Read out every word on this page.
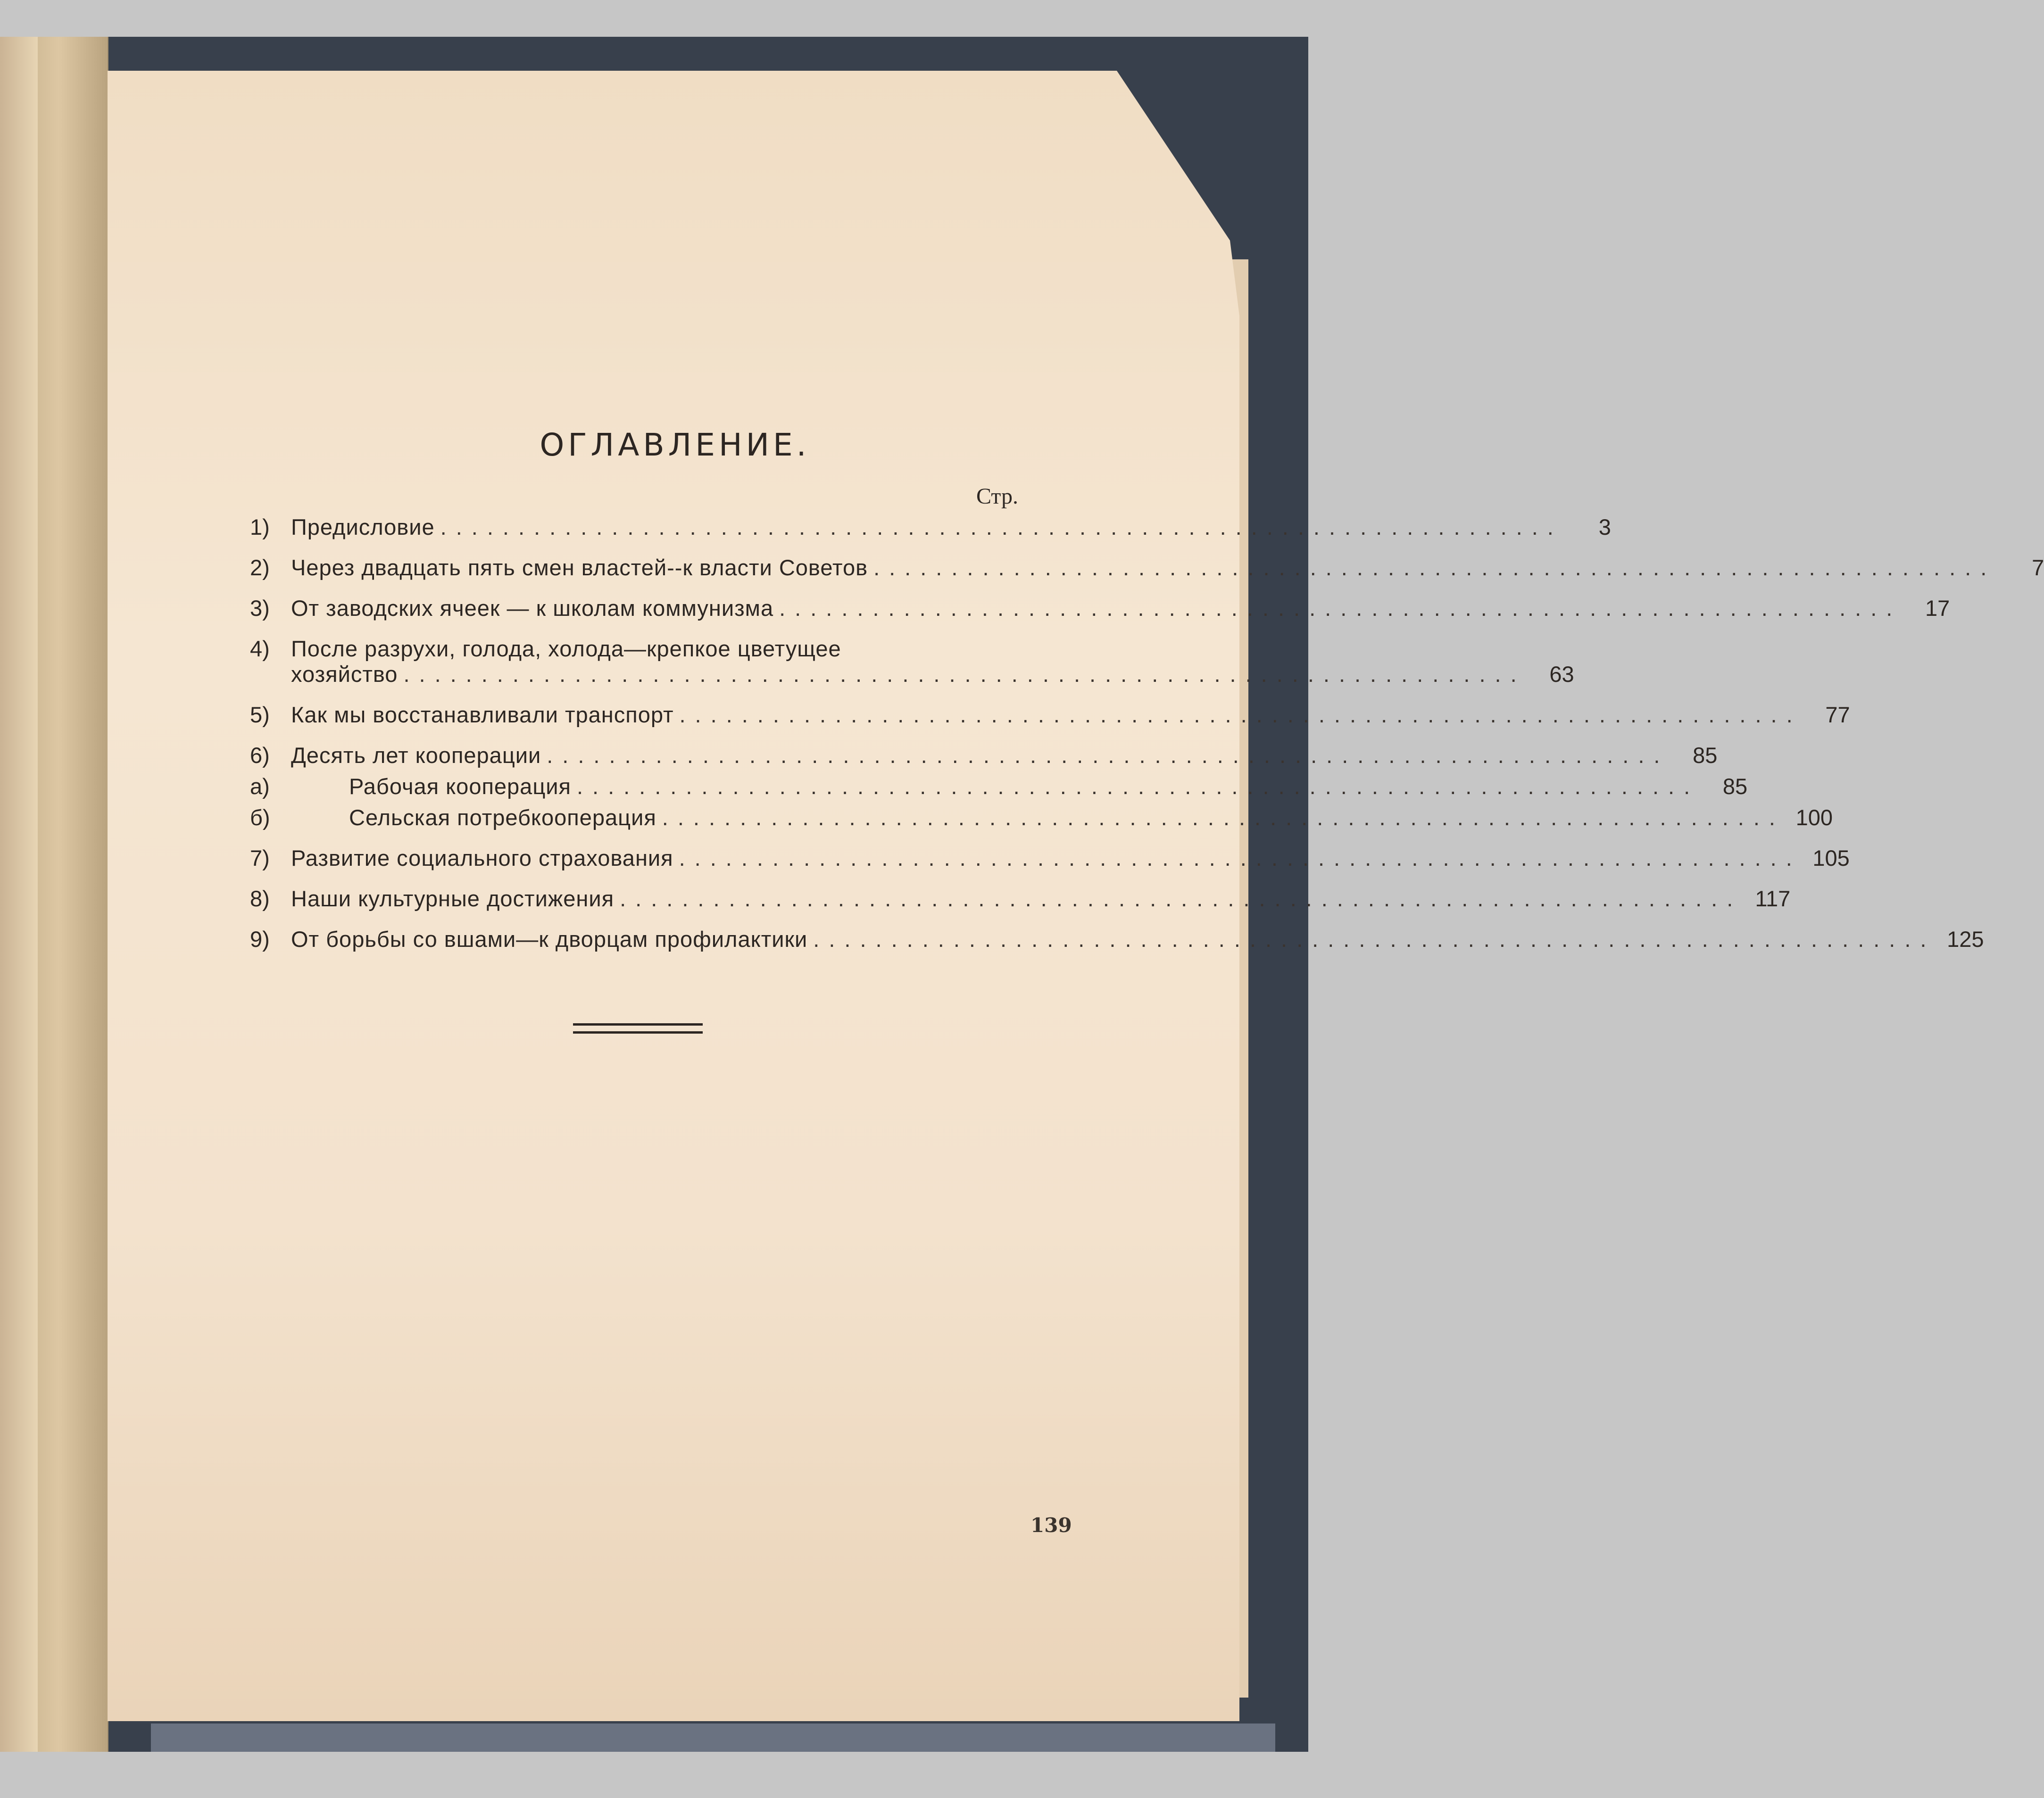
ОГЛАВЛЕНИЕ.
Стр.
1) Предисловие ........................................................................	3
2) Через двадцать пять смен властей--к власти Советов ........................................................................	7
3) От заводских ячеек — к школам коммунизма ........................................................................	17
4) После разрухи, голода, холода—крепкое цветущее
хозяйство ........................................................................	63
5) Как мы восстанавливали транспорт ........................................................................	77
6) Десять лет кооперации ........................................................................	85
а)	Рабочая кооперация ........................................................................	85
б)	Сельская потребкооперация ........................................................................ 100
7) Развитие социального страхования ........................................................................ 105
8) Наши культурные достижения ........................................................................ 117
9) От борьбы со вшами—к дворцам профилактики ........................................................................ 125
139
